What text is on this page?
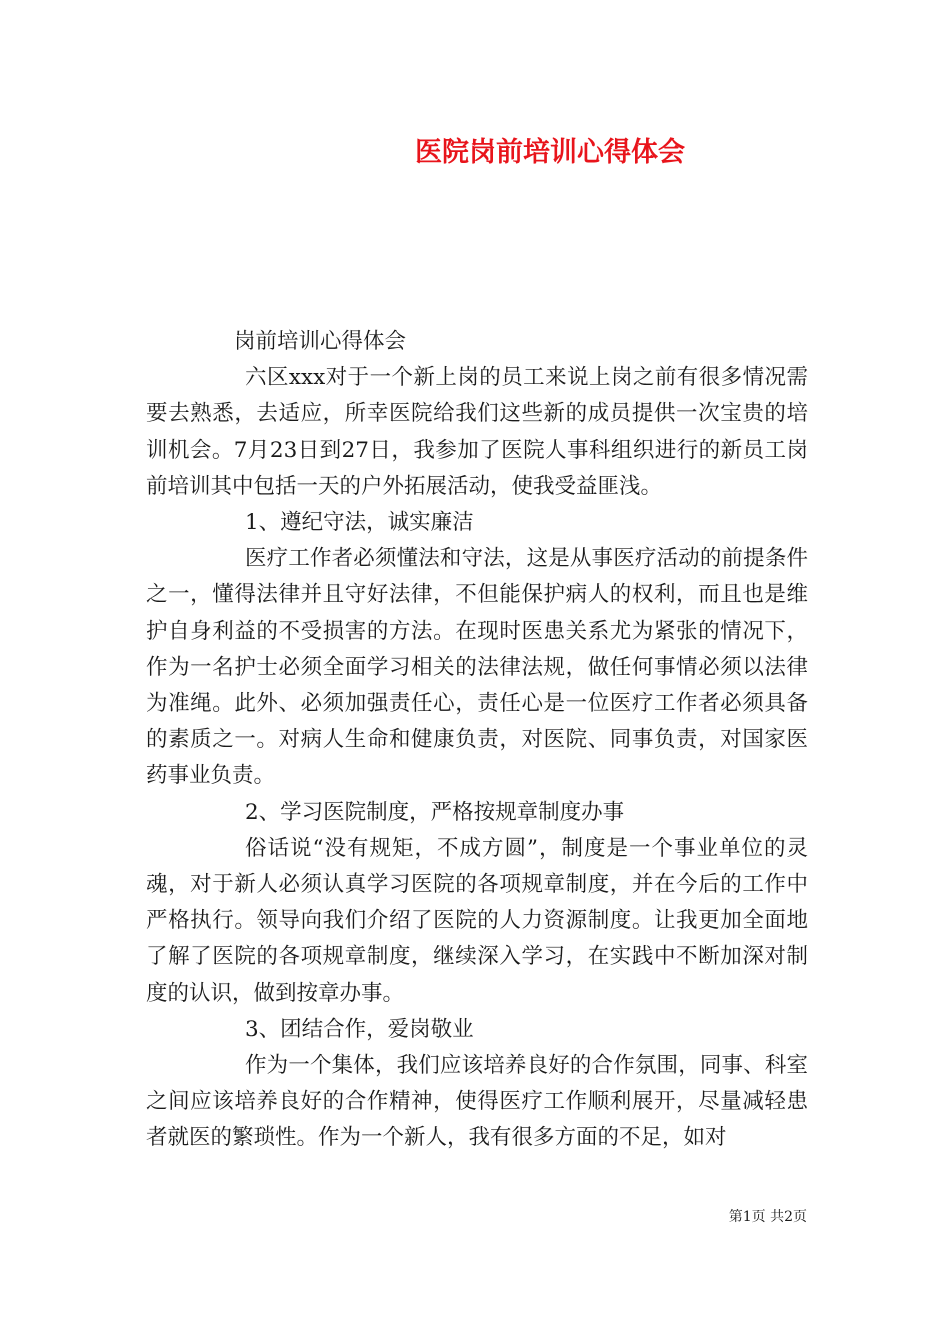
医院岗前培训心得体会

岗前培训心得体会

六区xxx对于一个新上岗的员工来说上岗之前有很多情况需要去熟悉，去适应，所幸医院给我们这些新的成员提供一次宝贵的培训机会。7月23日到27日，我参加了医院人事科组织进行的新员工岗前培训其中包括一天的户外拓展活动，使我受益匪浅。

1、遵纪守法，诚实廉洁

医疗工作者必须懂法和守法，这是从事医疗活动的前提条件之一，懂得法律并且守好法律，不但能保护病人的权利，而且也是维护自身利益的不受损害的方法。在现时医患关系尤为紧张的情况下，作为一名护士必须全面学习相关的法律法规，做任何事情必须以法律为准绳。此外、必须加强责任心，责任心是一位医疗工作者必须具备的素质之一。对病人生命和健康负责，对医院、同事负责，对国家医药事业负责。

2、学习医院制度，严格按规章制度办事

俗话说“没有规矩，不成方圆”，制度是一个事业单位的灵魂，对于新人必须认真学习医院的各项规章制度，并在今后的工作中严格执行。领导向我们介绍了医院的人力资源制度。让我更加全面地了解了医院的各项规章制度，继续深入学习，在实践中不断加深对制度的认识，做到按章办事。

3、团结合作，爱岗敬业

作为一个集体，我们应该培养良好的合作氛围，同事、科室之间应该培养良好的合作精神，使得医疗工作顺利展开，尽量减轻患者就医的繁琐性。作为一个新人，我有很多方面的不足，如对

第1页 共2页
